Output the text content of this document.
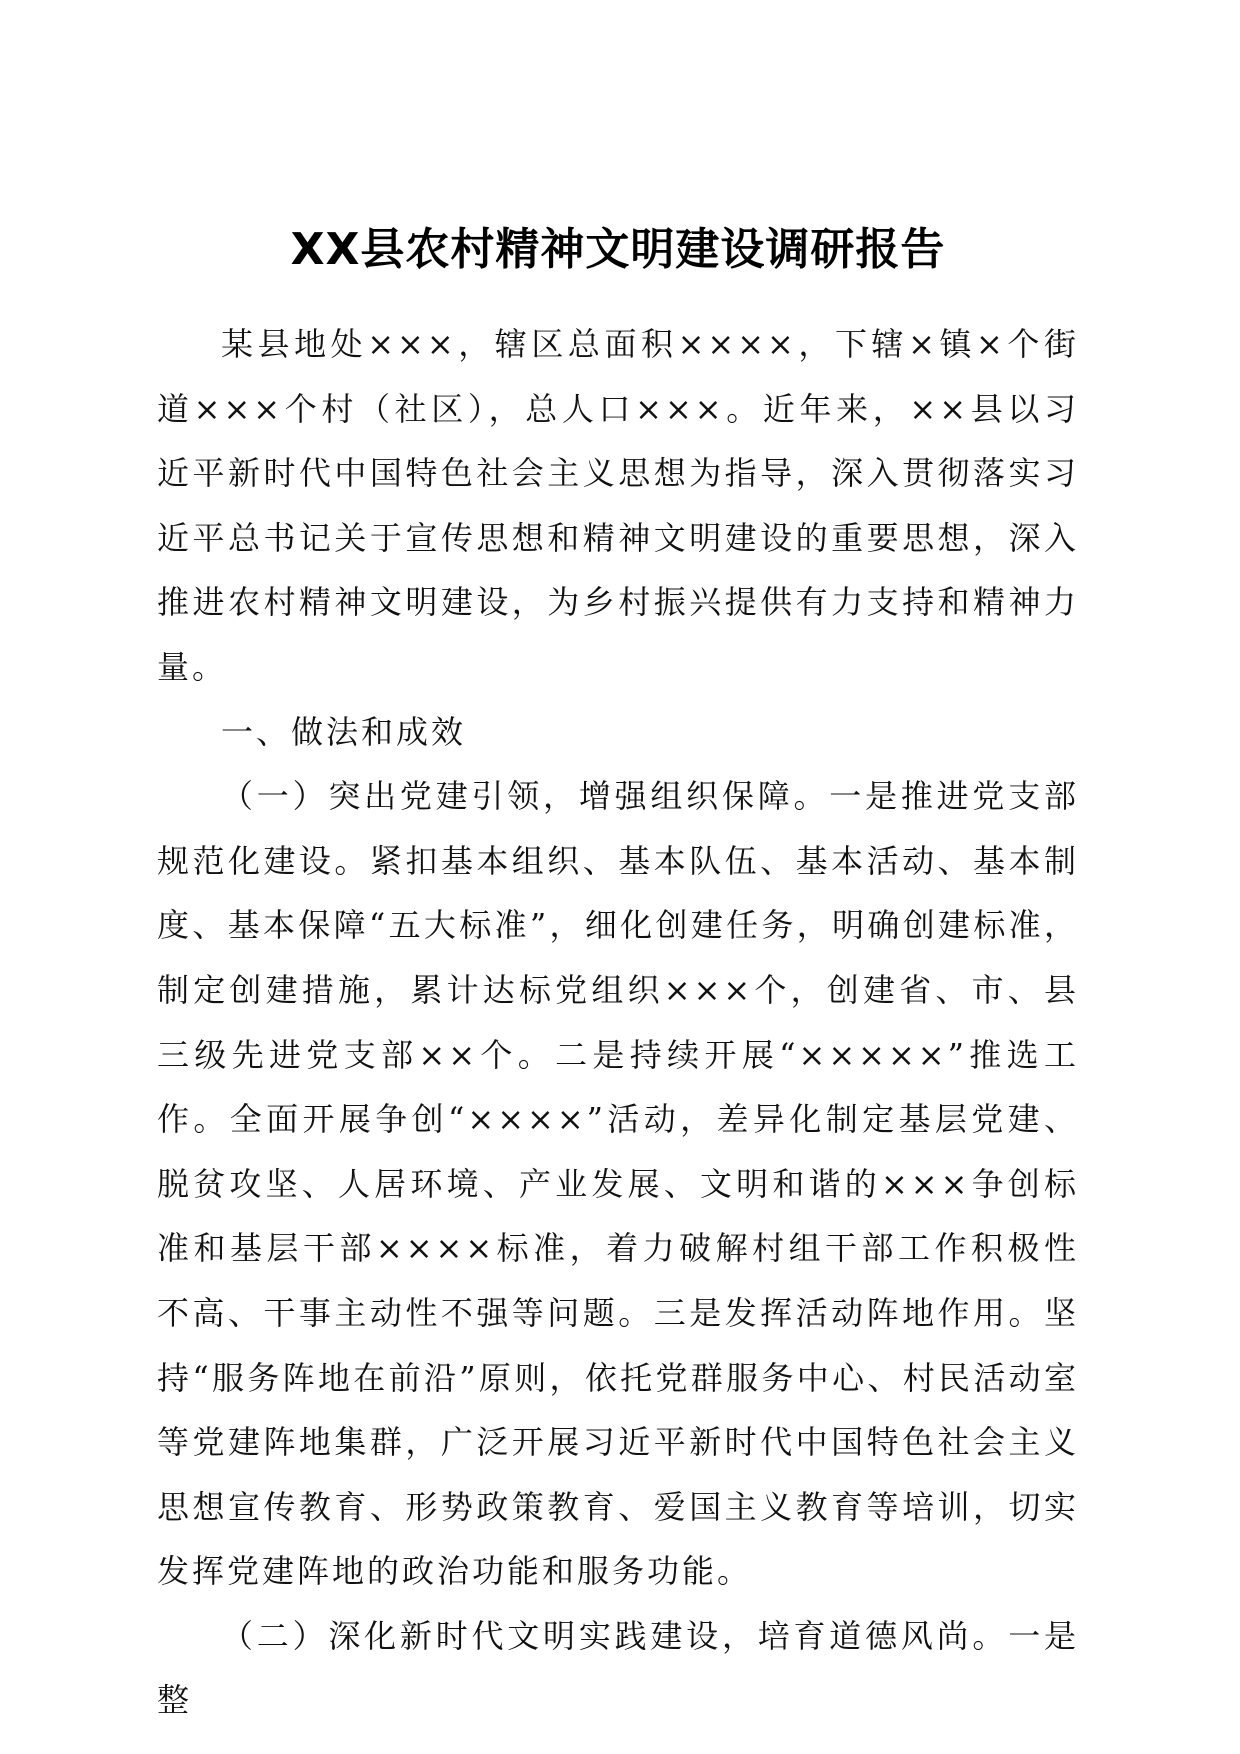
XX县农村精神文明建设调研报告

某县地处×××，辖区总面积××××，下辖×镇×个街道×××个村（社区），总人口×××。近年来，××县以习近平新时代中国特色社会主义思想为指导，深入贯彻落实习近平总书记关于宣传思想和精神文明建设的重要思想，深入推进农村精神文明建设，为乡村振兴提供有力支持和精神力量。

一、做法和成效

（一）突出党建引领，增强组织保障。一是推进党支部规范化建设。紧扣基本组织、基本队伍、基本活动、基本制度、基本保障“五大标准”，细化创建任务，明确创建标准，制定创建措施，累计达标党组织×××个，创建省、市、县三级先进党支部××个。二是持续开展“×××××”推选工作。全面开展争创“××××”活动，差异化制定基层党建、脱贫攻坚、人居环境、产业发展、文明和谐的×××争创标准和基层干部××××标准，着力破解村组干部工作积极性不高、干事主动性不强等问题。三是发挥活动阵地作用。坚持“服务阵地在前沿”原则，依托党群服务中心、村民活动室等党建阵地集群，广泛开展习近平新时代中国特色社会主义思想宣传教育、形势政策教育、爱国主义教育等培训，切实发挥党建阵地的政治功能和服务功能。

（二）深化新时代文明实践建设，培育道德风尚。一是整
